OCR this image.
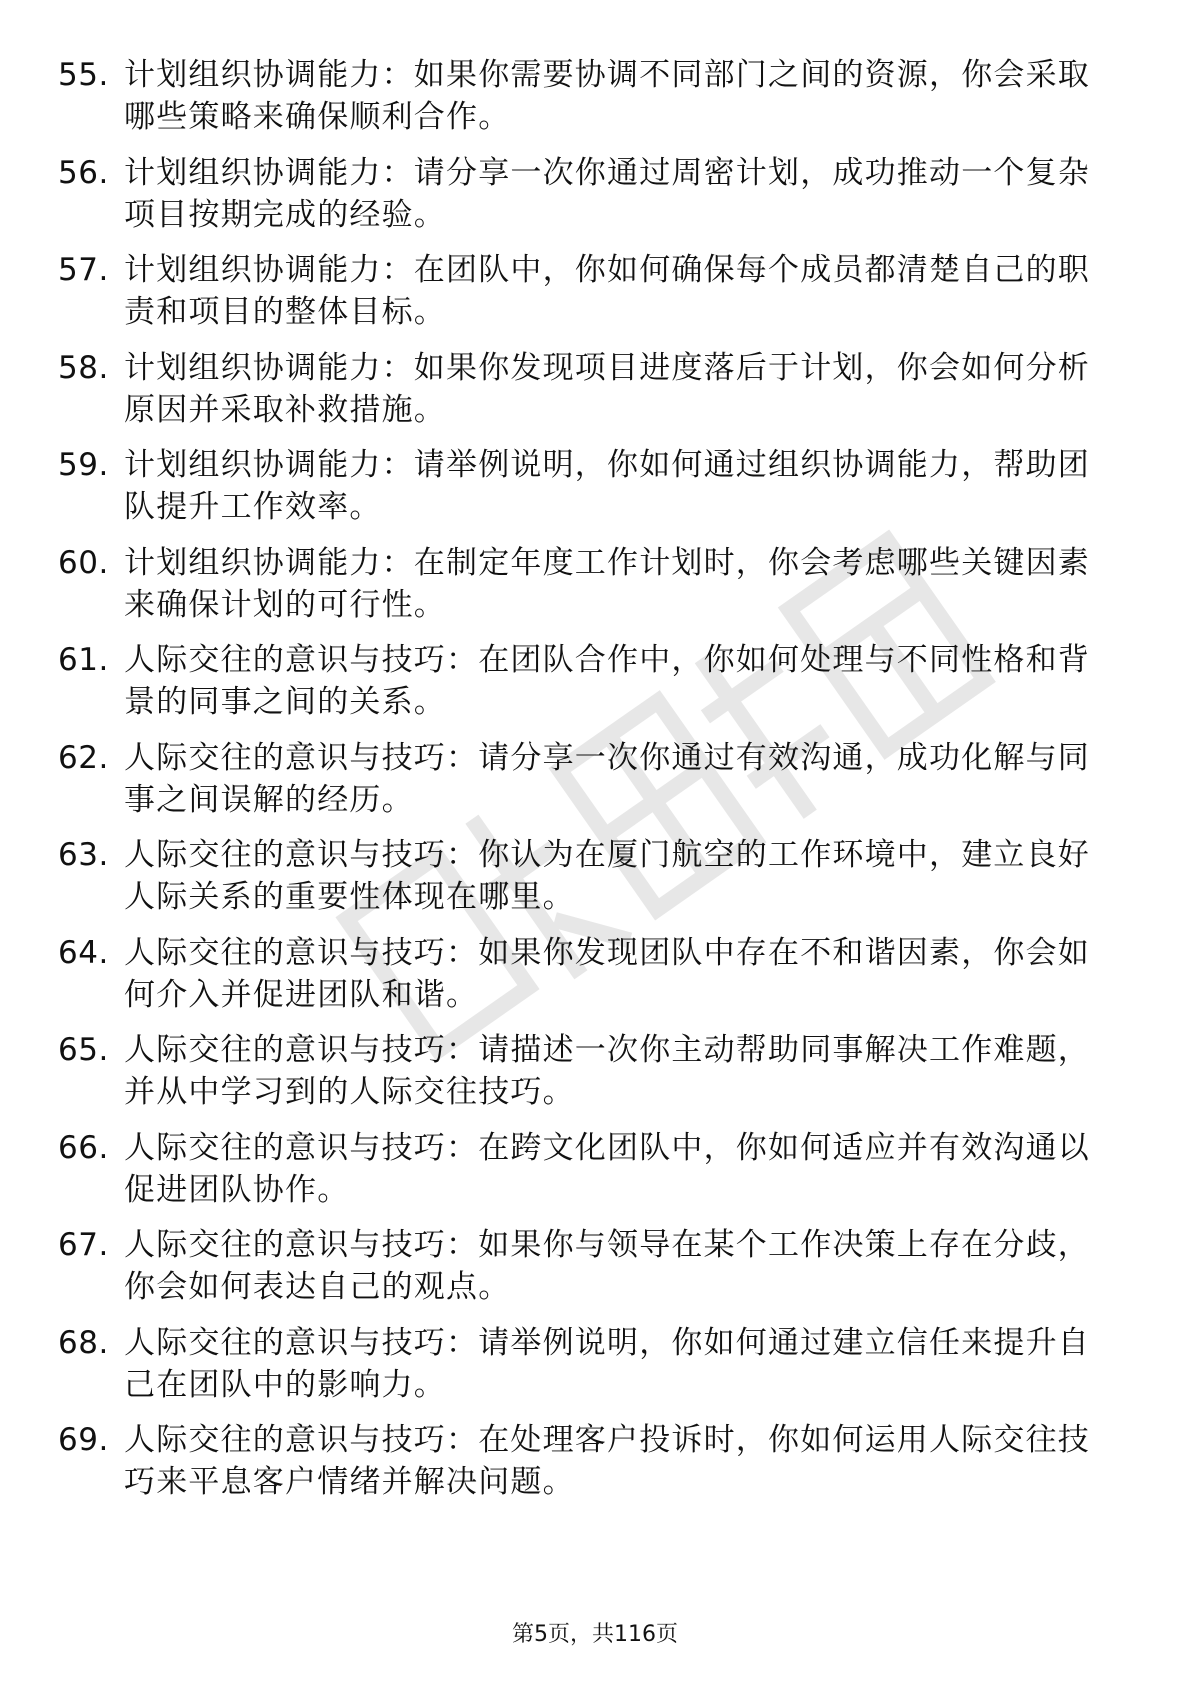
55. 计划组织协调能力：如果你需要协调不同部门之间的资源，你会采取哪些策略来确保顺利合作。
56. 计划组织协调能力：请分享一次你通过周密计划，成功推动一个复杂项目按期完成的经验。
57. 计划组织协调能力：在团队中，你如何确保每个成员都清楚自己的职责和项目的整体目标。
58. 计划组织协调能力：如果你发现项目进度落后于计划，你会如何分析原因并采取补救措施。
59. 计划组织协调能力：请举例说明，你如何通过组织协调能力，帮助团队提升工作效率。
60. 计划组织协调能力：在制定年度工作计划时，你会考虑哪些关键因素来确保计划的可行性。
61. 人际交往的意识与技巧：在团队合作中，你如何处理与不同性格和背景的同事之间的关系。
62. 人际交往的意识与技巧：请分享一次你通过有效沟通，成功化解与同事之间误解的经历。
63. 人际交往的意识与技巧：你认为在厦门航空的工作环境中，建立良好人际关系的重要性体现在哪里。
64. 人际交往的意识与技巧：如果你发现团队中存在不和谐因素，你会如何介入并促进团队和谐。
65. 人际交往的意识与技巧：请描述一次你主动帮助同事解决工作难题，并从中学习到的人际交往技巧。
66. 人际交往的意识与技巧：在跨文化团队中，你如何适应并有效沟通以促进团队协作。
67. 人际交往的意识与技巧：如果你与领导在某个工作决策上存在分歧，你会如何表达自己的观点。
68. 人际交往的意识与技巧：请举例说明，你如何通过建立信任来提升自己在团队中的影响力。
69. 人际交往的意识与技巧：在处理客户投诉时，你如何运用人际交往技巧来平息客户情绪并解决问题。
第5页，共116页
